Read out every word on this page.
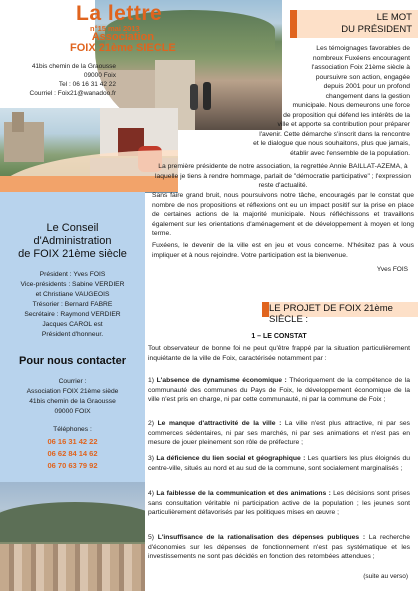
La lettre
n°15 mai 2013
Association
FOIX 21ème SIECLE
41bis chemin de la Graousse
09000 Foix
Tel : 06 16 31 42 22
Courriel : Foix21@wanadoo.fr
Le Conseil
d'Administration
de FOIX 21ème siècle
Président : Yves FOIS
Vice-présidents : Sabine VERDIER
et Christiane VAUGEOIS
Trésorier : Bernard FABRE
Secrétaire : Raymond VERDIER
Jacques CAROL est
Président d'honneur.
Pour nous contacter
Courrier :
Association FOIX 21ème siède
41bis chemin de la Graousse
09000 FOIX
Téléphones :
06 16 31 42 22
06 62 84 14 62
06 70 63 79 92
LE MOT
DU PRÉSIDENT
Les témoignages favorables de
nombreux Fuxéens encouragent
l'association Foix 21ème siècle à
poursuivre son action, engagée
depuis 2001 pour un profond
changement dans la gestion
municipale. Nous demeurons une force
de proposition qui défend les intérêts de la
ville et apporte sa contribution pour préparer
l'avenir. Cette démarche s'inscrit dans la rencontre
et le dialogue que nous souhaitons, plus que jamais,
établir avec l'ensemble de la population.
La première présidente de notre association, la regrettée Annie BAILLAT-AZEMA, à laquelle je tiens à rendre hommage, parlait de "démocratie participative" ; l'expression reste d'actualité.
Sans faire grand bruit, nous poursuivons notre tâche, encouragés par le constat que nombre de nos propositions et réflexions ont eu un impact positif sur la prise en place de certaines actions de la majorité municipale. Nous réfléchissons et travaillons également sur les orientations d'aménagement et de développement à moyen et long terme.
Fuxéens, le devenir de la ville est en jeu et vous concerne. N'hésitez pas à vous impliquer et à nous rejoindre. Votre participation est la bienvenue.
Yves FOIS
LE PROJET DE FOIX 21ème SIÈCLE :
1 – LE CONSTAT
Tout observateur de bonne foi ne peut qu'être frappé par la situation particulièrement inquiétante de la ville de Foix, caractérisée notamment par :
1) L'absence de dynamisme économique : Théoriquement de la compétence de la communauté des communes du Pays de Foix, le développement économique de la ville n'est pris en charge, ni par cette communauté, ni par la commune de Foix ;
2) Le manque d'attractivité de la ville : La ville n'est plus attractive, ni par ses commerces sédentaires, ni par ses marchés, ni par ses animations et n'est pas en mesure de jouer pleinement son rôle de préfecture ;
3) La déficience du lien social et géographique : Les quartiers les plus éloignés du centre-ville, situés au nord et au sud de la commune, sont socialement marginalisés ;
4) La faiblesse de la communication et des animations : Les décisions sont prises sans consultation véritable ni participation active de la population ; les jeunes sont particulièrement défavorisés par les politiques mises en œuvre ;
5) L'insuffisance de la rationalisation des dépenses publiques : La recherche d'économies sur les dépenses de fonctionnement n'est pas systématique et les investissements ne sont pas décidés en fonction des retombées attendues ;
(suite au verso)
